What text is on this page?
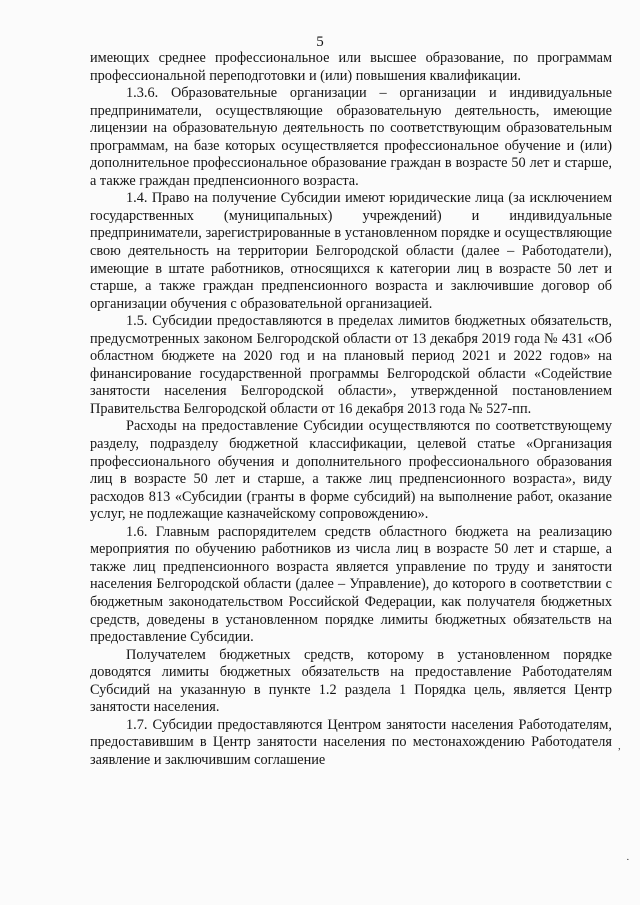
5

имеющих среднее профессиональное или высшее образование, по программам профессиональной переподготовки и (или) повышения квалификации.

1.3.6. Образовательные организации – организации и индивидуальные предприниматели, осуществляющие образовательную деятельность, имеющие лицензии на образовательную деятельность по соответствующим образовательным программам, на базе которых осуществляется профессиональное обучение и (или) дополнительное профессиональное образование граждан в возрасте 50 лет и старше, а также граждан предпенсионного возраста.

1.4. Право на получение Субсидии имеют юридические лица (за исключением государственных (муниципальных) учреждений) и индивидуальные предприниматели, зарегистрированные в установленном порядке и осуществляющие свою деятельность на территории Белгородской области (далее – Работодатели), имеющие в штате работников, относящихся к категории лиц в возрасте 50 лет и старше, а также граждан предпенсионного возраста и заключившие договор об организации обучения с образовательной организацией.

1.5. Субсидии предоставляются в пределах лимитов бюджетных обязательств, предусмотренных законом Белгородской области от 13 декабря 2019 года № 431 «Об областном бюджете на 2020 год и на плановый период 2021 и 2022 годов» на финансирование государственной программы Белгородской области «Содействие занятости населения Белгородской области», утвержденной постановлением Правительства Белгородской области от 16 декабря 2013 года № 527-пп.

Расходы на предоставление Субсидии осуществляются по соответствующему разделу, подразделу бюджетной классификации, целевой статье «Организация профессионального обучения и дополнительного профессионального образования лиц в возрасте 50 лет и старше, а также лиц предпенсионного возраста», виду расходов 813 «Субсидии (гранты в форме субсидий) на выполнение работ, оказание услуг, не подлежащие казначейскому сопровождению».

1.6. Главным распорядителем средств областного бюджета на реализацию мероприятия по обучению работников из числа лиц в возрасте 50 лет и старше, а также лиц предпенсионного возраста является управление по труду и занятости населения Белгородской области (далее – Управление), до которого в соответствии с бюджетным законодательством Российской Федерации, как получателя бюджетных средств, доведены в установленном порядке лимиты бюджетных обязательств на предоставление Субсидии.

Получателем бюджетных средств, которому в установленном порядке доводятся лимиты бюджетных обязательств на предоставление Работодателям Субсидий на указанную в пункте 1.2 раздела 1 Порядка цель, является Центр занятости населения.

1.7. Субсидии предоставляются Центром занятости населения Работодателям, предоставившим в Центр занятости населения по местонахождению Работодателя заявление и заключившим соглашение

,
·
